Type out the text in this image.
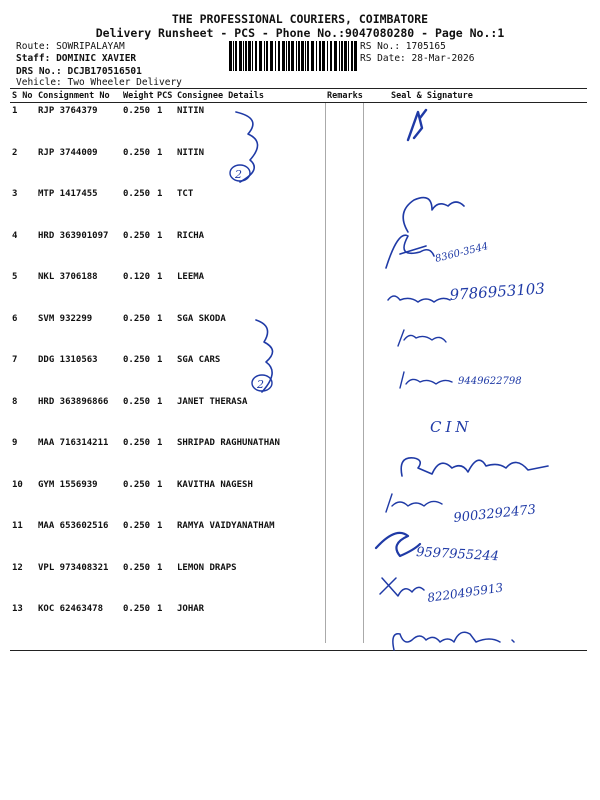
THE PROFESSIONAL COURIERS, COIMBATORE
Delivery Runsheet - PCS - Phone No.:9047080280 - Page No.:1
Route: SOWRIPALAYAM
Staff: DOMINIC XAVIER
DRS No.: DCJB170516501
Vehicle: Two Wheeler Delivery
RS No.: 1705165
RS Date: 28-Mar-2026
S No	Consignment No	Weight	PCS	Consignee Details	Remarks	Seal & Signature
1	RJP 3764379	0.250	1	NITIN		
2	RJP 3744009	0.250	1	NITIN		
3	MTP 1417455	0.250	1	TCT		
4	HRD 363901097	0.250	1	RICHA		
5	NKL 3706188	0.120	1	LEEMA		
6	SVM 932299	0.250	1	SGA SKODA		
7	DDG 1310563	0.250	1	SGA CARS		
8	HRD 363896866	0.250	1	JANET THERASA		
9	MAA 716314211	0.250	1	SHRIPAD RAGHUNATHAN		
10	GYM 1556939	0.250	1	KAVITHA NAGESH		
11	MAA 653602516	0.250	1	RAMYA VAIDYANATHAM		
12	VPL 973408321	0.250	1	LEMON DRAPS		
13	KOC 62463478	0.250	1	JOHAR		
2
2
8360-3544
9786953103
9449622798
CIN
9003292473
9597955244
8220495913
